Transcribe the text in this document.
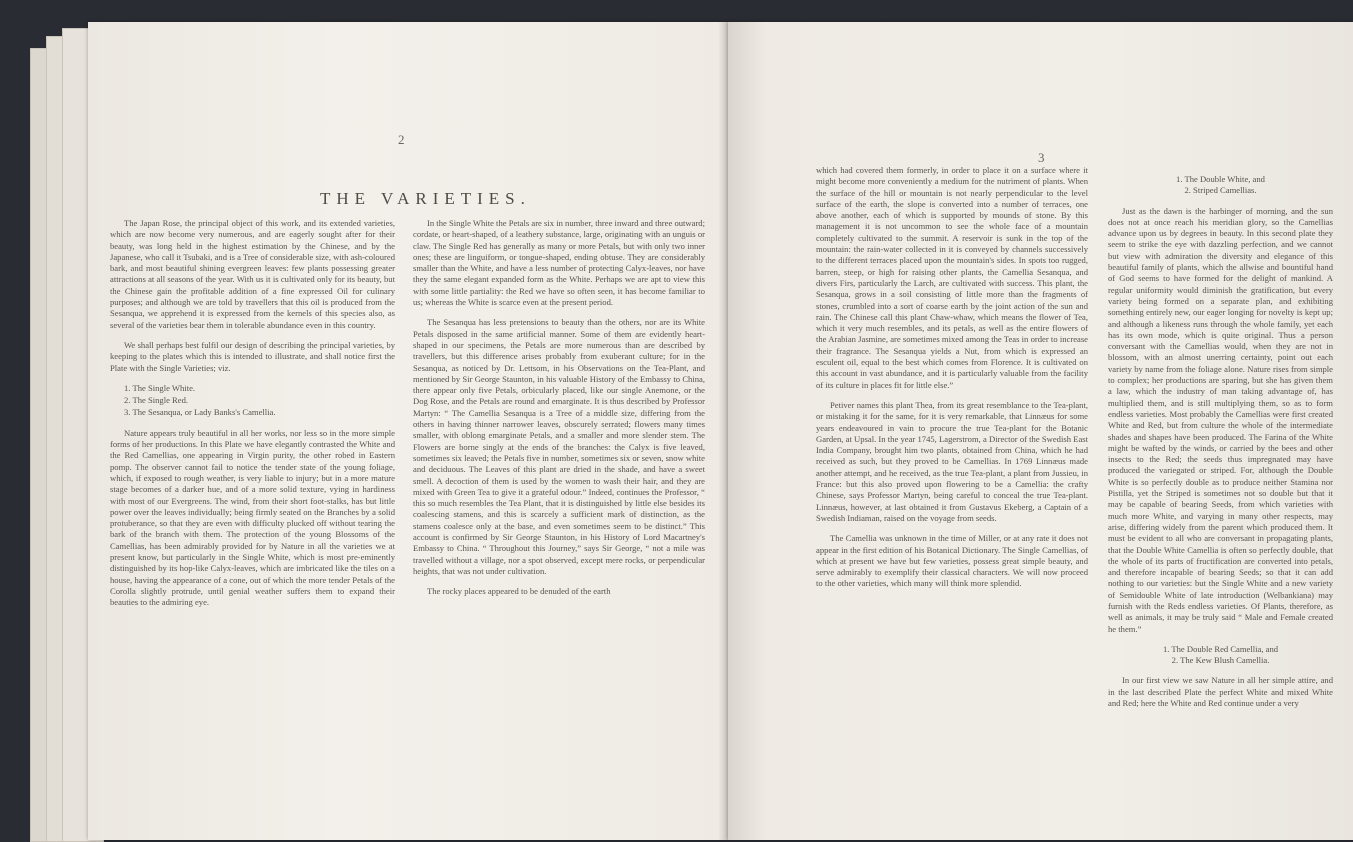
2
THE VARIETIES.

The Japan Rose, the principal object of this work, and its extended varieties, which are now become very numerous, and are eagerly sought after for their beauty, was long held in the highest estimation by the Chinese, and by the Japanese, who call it Tsubaki, and is a Tree of considerable size, with ash-coloured bark, and most beautiful shining evergreen leaves: few plants possessing greater attractions at all seasons of the year. With us it is cultivated only for its beauty, but the Chinese gain the profitable addition of a fine expressed Oil for culinary purposes; and although we are told by travellers that this oil is produced from the Sesanqua, we apprehend it is expressed from the kernels of this species also, as several of the varieties bear them in tolerable abundance even in this country.

We shall perhaps best fulfil our design of describing the principal varieties, by keeping to the plates which this is intended to illustrate, and shall notice first the Plate with the Single Varieties; viz.

1. The Single White.

2. The Single Red.

3. The Sesanqua, or Lady Banks's Camellia.

Nature appears truly beautiful in all her works, nor less so in the more simple forms of her productions. In this Plate we have elegantly contrasted the White and the Red Camellias, one appearing in Virgin purity, the other robed in Eastern pomp. The observer cannot fail to notice the tender state of the young foliage, which, if exposed to rough weather, is very liable to injury; but in a more mature stage becomes of a darker hue, and of a more solid texture, vying in hardiness with most of our Evergreens. The wind, from their short foot-stalks, has but little power over the leaves individually; being firmly seated on the Branches by a solid protuberance, so that they are even with difficulty plucked off without tearing the bark of the branch with them. The protection of the young Blossoms of the Camellias, has been admirably provided for by Nature in all the varieties we at present know, but particularly in the Single White, which is most pre-eminently distinguished by its hop-like Calyx-leaves, which are imbricated like the tiles on a house, having the appearance of a cone, out of which the more tender Petals of the Corolla slightly protrude, until genial weather suffers them to expand their beauties to the admiring eye.

In the Single White the Petals are six in number, three inward and three outward; cordate, or heart-shaped, of a leathery substance, large, originating with an unguis or claw. The Single Red has generally as many or more Petals, but with only two inner ones; these are linguiform, or tongue-shaped, ending obtuse. They are considerably smaller than the White, and have a less number of protecting Calyx-leaves, nor have they the same elegant expanded form as the White. Perhaps we are apt to view this with some little partiality: the Red we have so often seen, it has become familiar to us; whereas the White is scarce even at the present period.

The Sesanqua has less pretensions to beauty than the others, nor are its White Petals disposed in the same artificial manner. Some of them are evidently heart-shaped in our specimens, the Petals are more numerous than are described by travellers, but this difference arises probably from exuberant culture; for in the Sesanqua, as noticed by Dr. Lettsom, in his Observations on the Tea-Plant, and mentioned by Sir George Staunton, in his valuable History of the Embassy to China, there appear only five Petals, orbicularly placed, like our single Anemone, or the Dog Rose, and the Petals are round and emarginate. It is thus described by Professor Martyn: “ The Camellia Sesanqua is a Tree of a middle size, differing from the others in having thinner narrower leaves, obscurely serrated; flowers many times smaller, with oblong emarginate Petals, and a smaller and more slender stem. The Flowers are borne singly at the ends of the branches: the Calyx is five leaved, sometimes six leaved; the Petals five in number, sometimes six or seven, snow white and deciduous. The Leaves of this plant are dried in the shade, and have a sweet smell. A decoction of them is used by the women to wash their hair, and they are mixed with Green Tea to give it a grateful odour.” Indeed, continues the Professor, “ this so much resembles the Tea Plant, that it is distinguished by little else besides its coalescing stamens, and this is scarcely a sufficient mark of distinction, as the stamens coalesce only at the base, and even sometimes seem to be distinct.” This account is confirmed by Sir George Staunton, in his History of Lord Macartney's Embassy to China. “ Throughout this Journey,” says Sir George, “ not a mile was travelled without a village, nor a spot observed, except mere rocks, or perpendicular heights, that was not under cultivation.

The rocky places appeared to be denuded of the earth

3

which had covered them formerly, in order to place it on a surface where it might become more conveniently a medium for the nutriment of plants. When the surface of the hill or mountain is not nearly perpendicular to the level surface of the earth, the slope is converted into a number of terraces, one above another, each of which is supported by mounds of stone. By this management it is not uncommon to see the whole face of a mountain completely cultivated to the summit. A reservoir is sunk in the top of the mountain: the rain-water collected in it is conveyed by channels successively to the different terraces placed upon the mountain's sides. In spots too rugged, barren, steep, or high for raising other plants, the Camellia Sesanqua, and divers Firs, particularly the Larch, are cultivated with success. This plant, the Sesanqua, grows in a soil consisting of little more than the fragments of stones, crumbled into a sort of coarse earth by the joint action of the sun and rain. The Chinese call this plant Chaw-whaw, which means the flower of Tea, which it very much resembles, and its petals, as well as the entire flowers of the Arabian Jasmine, are sometimes mixed among the Teas in order to increase their fragrance. The Sesanqua yields a Nut, from which is expressed an esculent oil, equal to the best which comes from Florence. It is cultivated on this account in vast abundance, and it is particularly valuable from the facility of its culture in places fit for little else.”

Petiver names this plant Thea, from its great resemblance to the Tea-plant, or mistaking it for the same, for it is very remarkable, that Linnæus for some years endeavoured in vain to procure the true Tea-plant for the Botanic Garden, at Upsal. In the year 1745, Lagerstrom, a Director of the Swedish East India Company, brought him two plants, obtained from China, which he had received as such, but they proved to be Camellias. In 1769 Linnæus made another attempt, and he received, as the true Tea-plant, a plant from Jussieu, in France: but this also proved upon flowering to be a Camellia: the crafty Chinese, says Professor Martyn, being careful to conceal the true Tea-plant. Linnæus, however, at last obtained it from Gustavus Ekeberg, a Captain of a Swedish Indiaman, raised on the voyage from seeds.

The Camellia was unknown in the time of Miller, or at any rate it does not appear in the first edition of his Botanical Dictionary. The Single Camellias, of which at present we have but few varieties, possess great simple beauty, and serve admirably to exemplify their classical characters. We will now proceed to the other varieties, which many will think more splendid.

1. The Double White, and

2. Striped Camellias.

Just as the dawn is the harbinger of morning, and the sun does not at once reach his meridian glory, so the Camellias advance upon us by degrees in beauty. In this second plate they seem to strike the eye with dazzling perfection, and we cannot but view with admiration the diversity and elegance of this beautiful family of plants, which the allwise and bountiful hand of God seems to have formed for the delight of mankind. A regular uniformity would diminish the gratification, but every variety being formed on a separate plan, and exhibiting something entirely new, our eager longing for novelty is kept up; and although a likeness runs through the whole family, yet each has its own mode, which is quite original. Thus a person conversant with the Camellias would, when they are not in blossom, with an almost unerring certainty, point out each variety by name from the foliage alone. Nature rises from simple to complex; her productions are sparing, but she has given them a law, which the industry of man taking advantage of, has multiplied them, and is still multiplying them, so as to form endless varieties. Most probably the Camellias were first created White and Red, but from culture the whole of the intermediate shades and shapes have been produced. The Farina of the White might be wafted by the winds, or carried by the bees and other insects to the Red; the seeds thus impregnated may have produced the variegated or striped. For, although the Double White is so perfectly double as to produce neither Stamina nor Pistilla, yet the Striped is sometimes not so double but that it may be capable of bearing Seeds, from which varieties with much more White, and varying in many other respects, may arise, differing widely from the parent which produced them. It must be evident to all who are conversant in propagating plants, that the Double White Camellia is often so perfectly double, that the whole of its parts of fructification are converted into petals, and therefore incapable of bearing Seeds; so that it can add nothing to our varieties: but the Single White and a new variety of Semidouble White of late introduction (Welbankiana) may furnish with the Reds endless varieties. Of Plants, therefore, as well as animals, it may be truly said “ Male and Female created he them.”

1. The Double Red Camellia, and

2. The Kew Blush Camellia.

In our first view we saw Nature in all her simple attire, and in the last described Plate the perfect White and mixed White and Red; here the White and Red continue under a very
